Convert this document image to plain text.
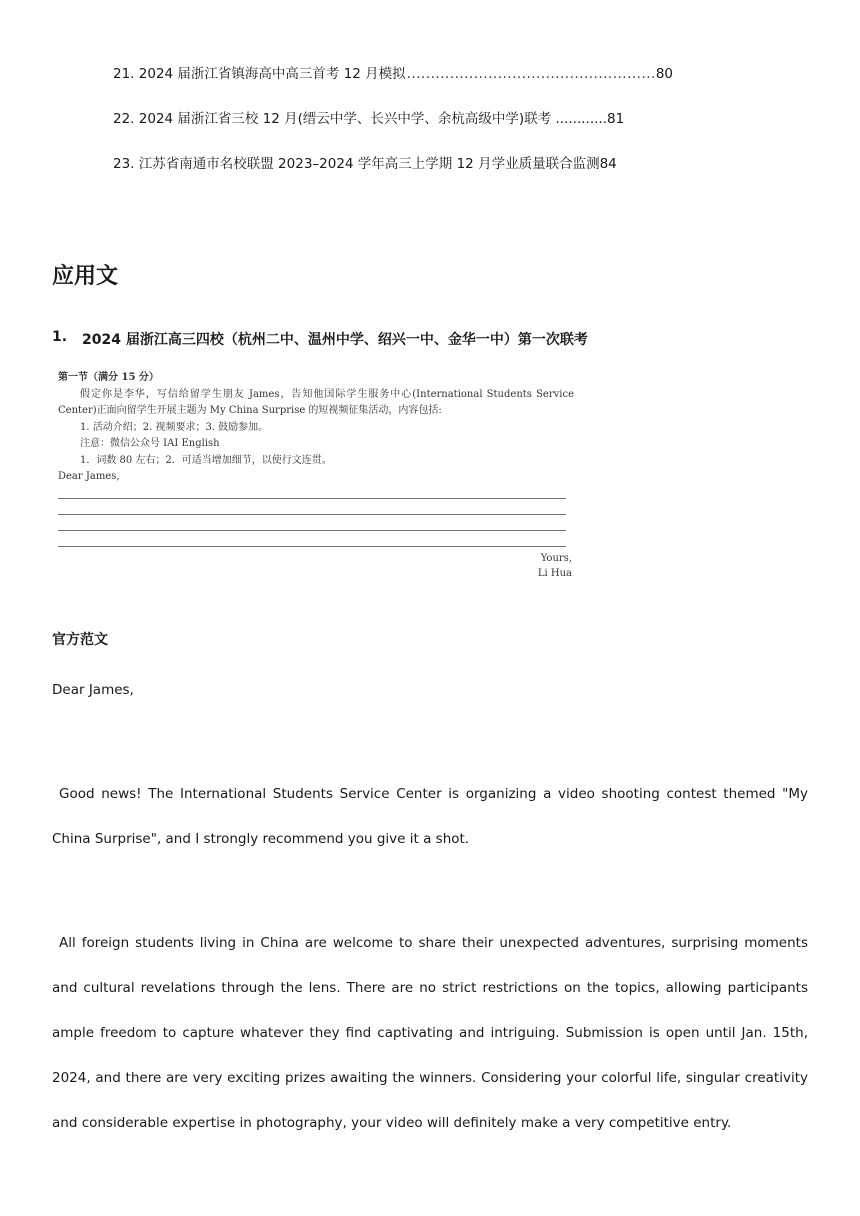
21. 2024 届浙江省镇海高中高三首考 12 月模拟
.....	80
22. 2024 届浙江省三校 12 月(缙云中学、长兴中学、余杭高级中学)联考 ............ 81
23. 江苏省南通市名校联盟 2023–2024 学年高三上学期 12 月学业质量联合监测 84
应用文
1.	2024 届浙江高三四校（杭州二中、温州中学、绍兴一中、金华一中）第一次联考

第一节（满分 15 分）

假定你是李华，写信给留学生朋友 James，告知他国际学生服务中心(International Students Service

Center)正面向留学生开展主题为 My China Surprise 的短视频征集活动，内容包括:

1. 活动介绍；2. 视频要求；3. 鼓励参加。

注意：微信公众号 IAI English

1．词数 80 左右；2．可适当增加细节，以使行文连贯。

Dear James,

Yours,

Li Hua

官方范文
Dear James,

Good news! The International Students Service Center is organizing a video shooting contest themed "My China Surprise", and I strongly recommend you give it a shot.

All foreign students living in China are welcome to share their unexpected adventures, surprising moments and cultural revelations through the lens. There are no strict restrictions on the topics, allowing participants ample freedom to capture whatever they find captivating and intriguing. Submission is open until Jan. 15th, 2024, and there are very exciting prizes awaiting the winners. Considering your colorful life, singular creativity and considerable expertise in photography, your video will definitely make a very competitive entry.
